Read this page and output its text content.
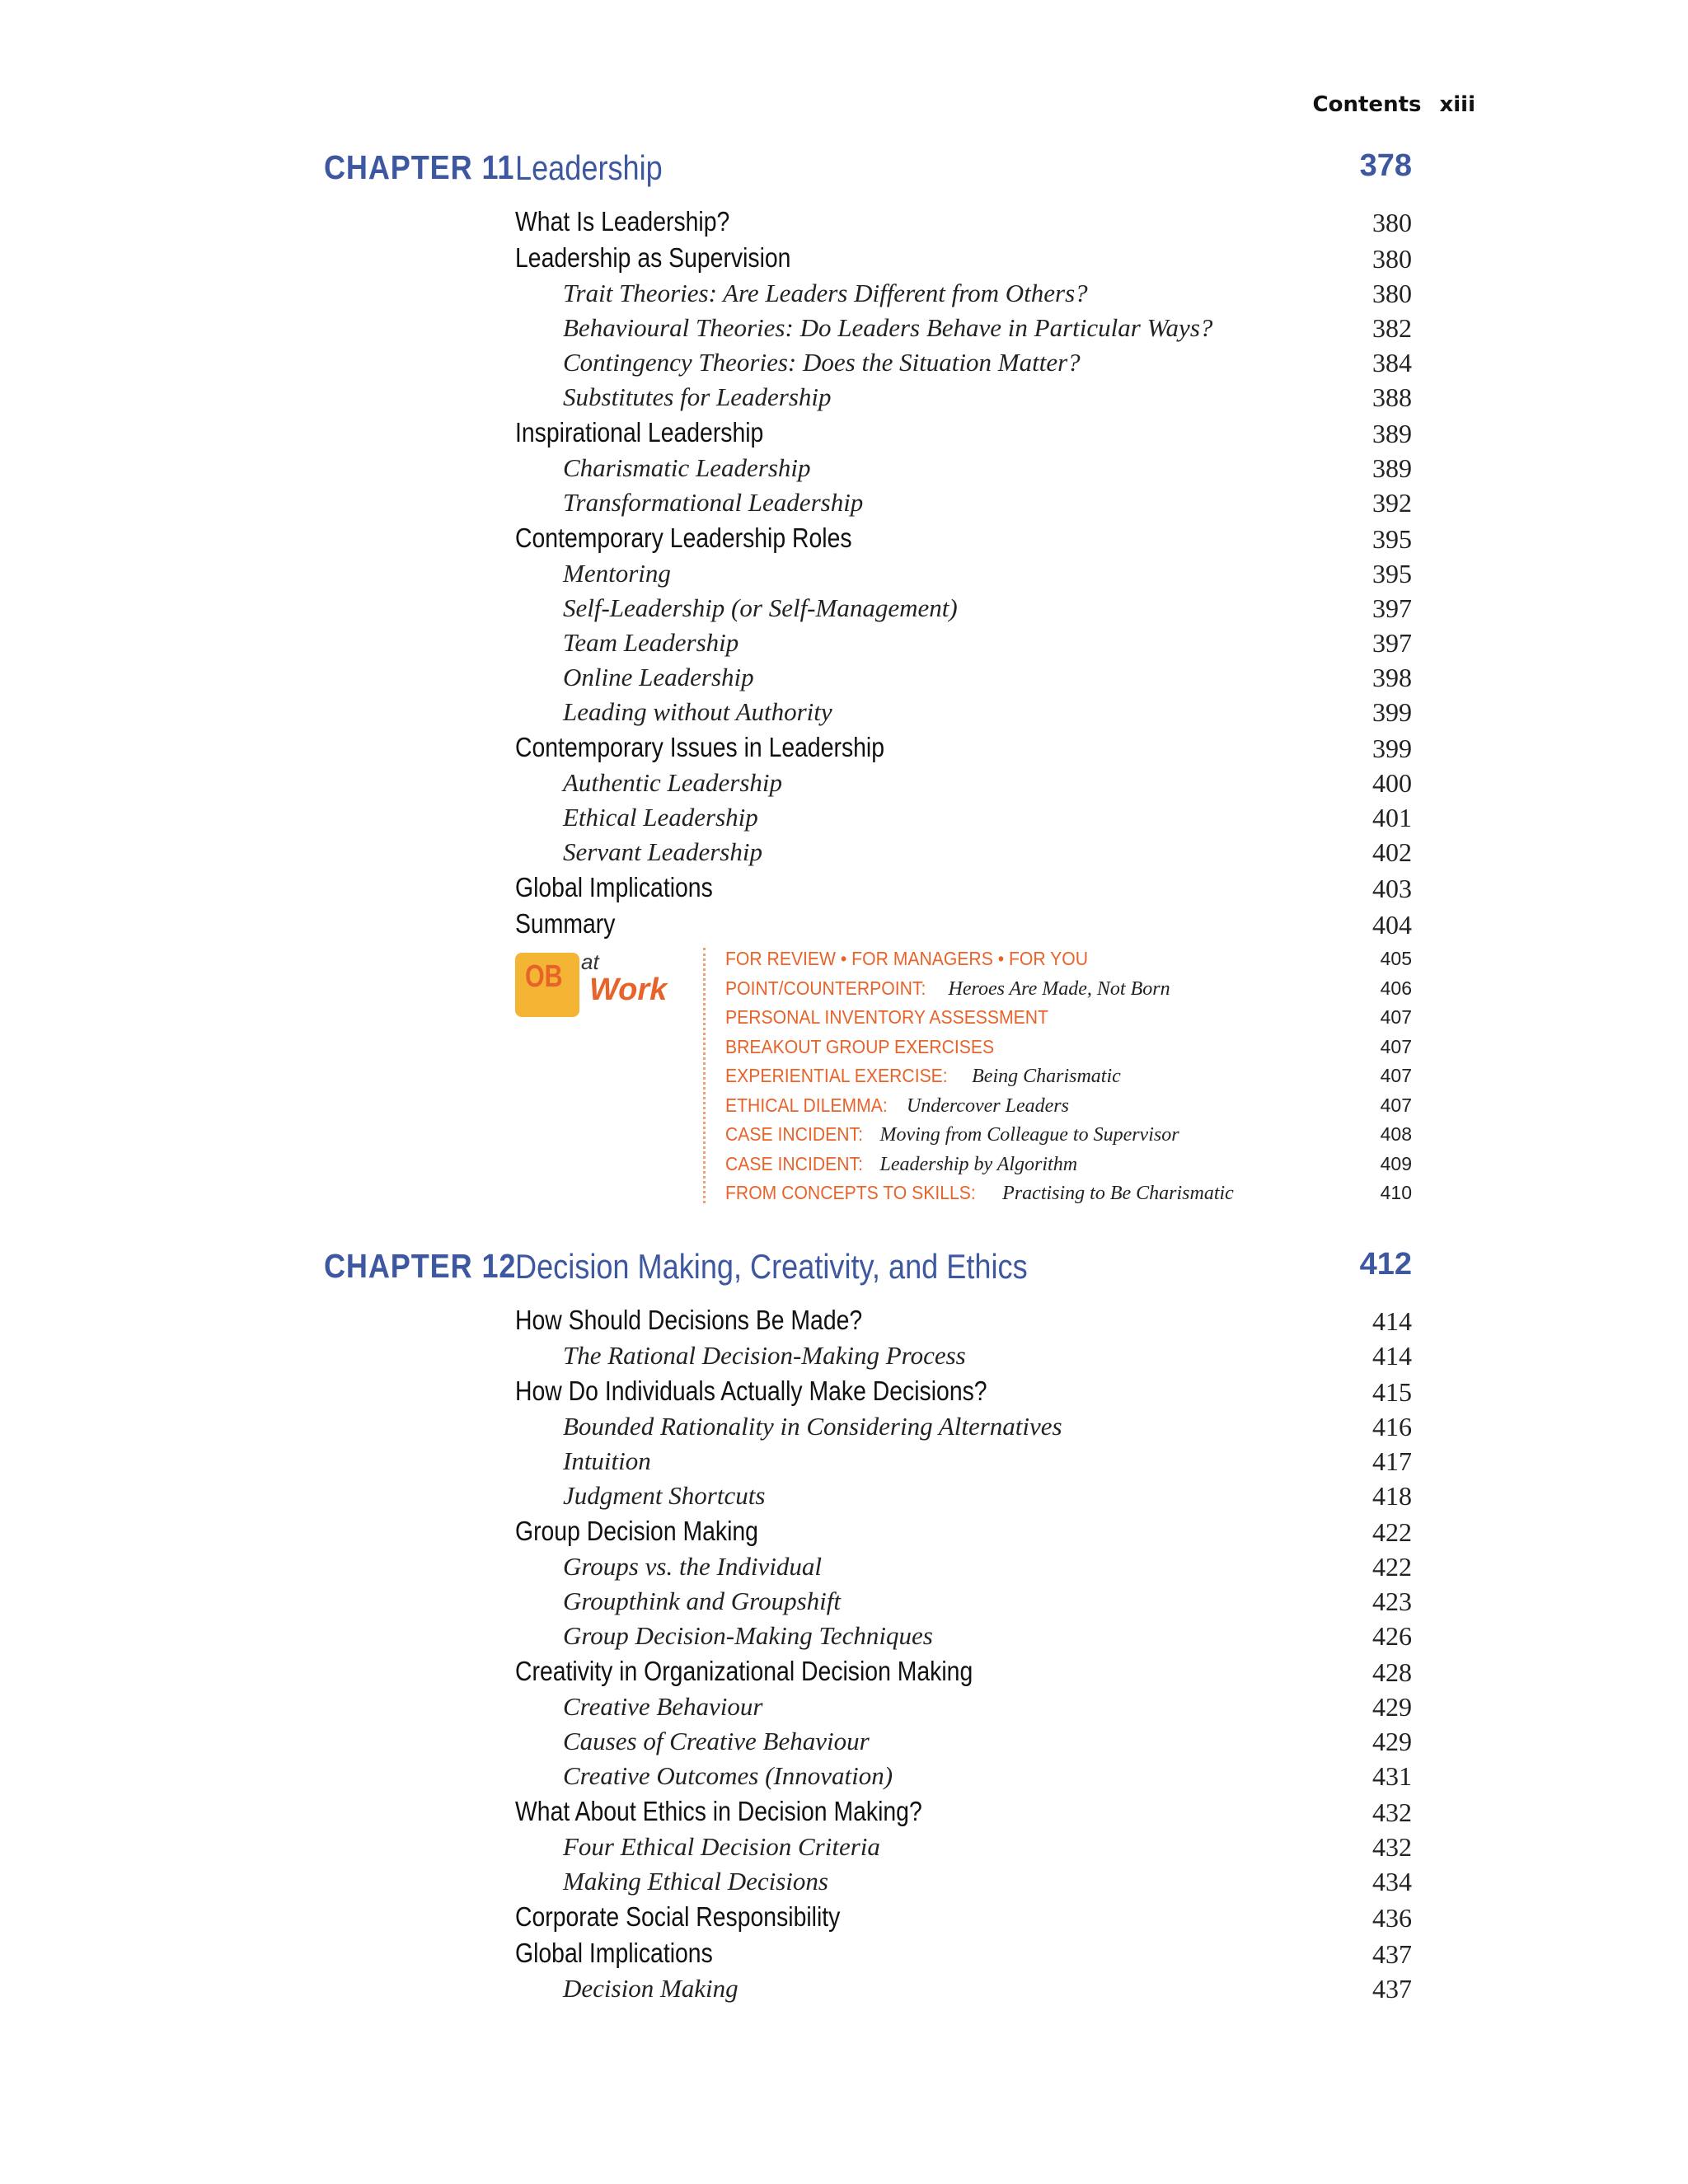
Contents xiii
CHAPTER 11 Leadership	378
What Is Leadership?	380
Leadership as Supervision	380
Trait Theories: Are Leaders Different from Others?	380
Behavioural Theories: Do Leaders Behave in Particular Ways?	382
Contingency Theories: Does the Situation Matter?	384
Substitutes for Leadership	388
Inspirational Leadership	389
Charismatic Leadership	389
Transformational Leadership	392
Contemporary Leadership Roles	395
Mentoring	395
Self-Leadership (or Self-Management)	397
Team Leadership	397
Online Leadership	398
Leading without Authority	399
Contemporary Issues in Leadership	399
Authentic Leadership	400
Ethical Leadership	401
Servant Leadership	402
Global Implications	403
Summary	404
OB at
Work
FOR REVIEW • FOR MANAGERS • FOR YOU	405
POINT/COUNTERPOINT: Heroes Are Made, Not Born	406
PERSONAL INVENTORY ASSESSMENT	407
BREAKOUT GROUP EXERCISES	407
EXPERIENTIAL EXERCISE: Being Charismatic	407
ETHICAL DILEMMA: Undercover Leaders	407
CASE INCIDENT: Moving from Colleague to Supervisor	408
CASE INCIDENT: Leadership by Algorithm	409
FROM CONCEPTS TO SKILLS: Practising to Be Charismatic	410
CHAPTER 12
Decision Making, Creativity, and Ethics	412
How Should Decisions Be Made?	414
The Rational Decision-Making Process	414
How Do Individuals Actually Make Decisions?	415
Bounded Rationality in Considering Alternatives	416
Intuition	417
Judgment Shortcuts	418
Group Decision Making	422
Groups vs. the Individual	422
Groupthink and Groupshift	423
Group Decision-Making Techniques	426
Creativity in Organizational Decision Making	428
Creative Behaviour	429
Causes of Creative Behaviour	429
Creative Outcomes (Innovation)	431
What About Ethics in Decision Making?	432
Four Ethical Decision Criteria	432
Making Ethical Decisions	434
Corporate Social Responsibility	436
Global Implications	437
Decision Making	437
